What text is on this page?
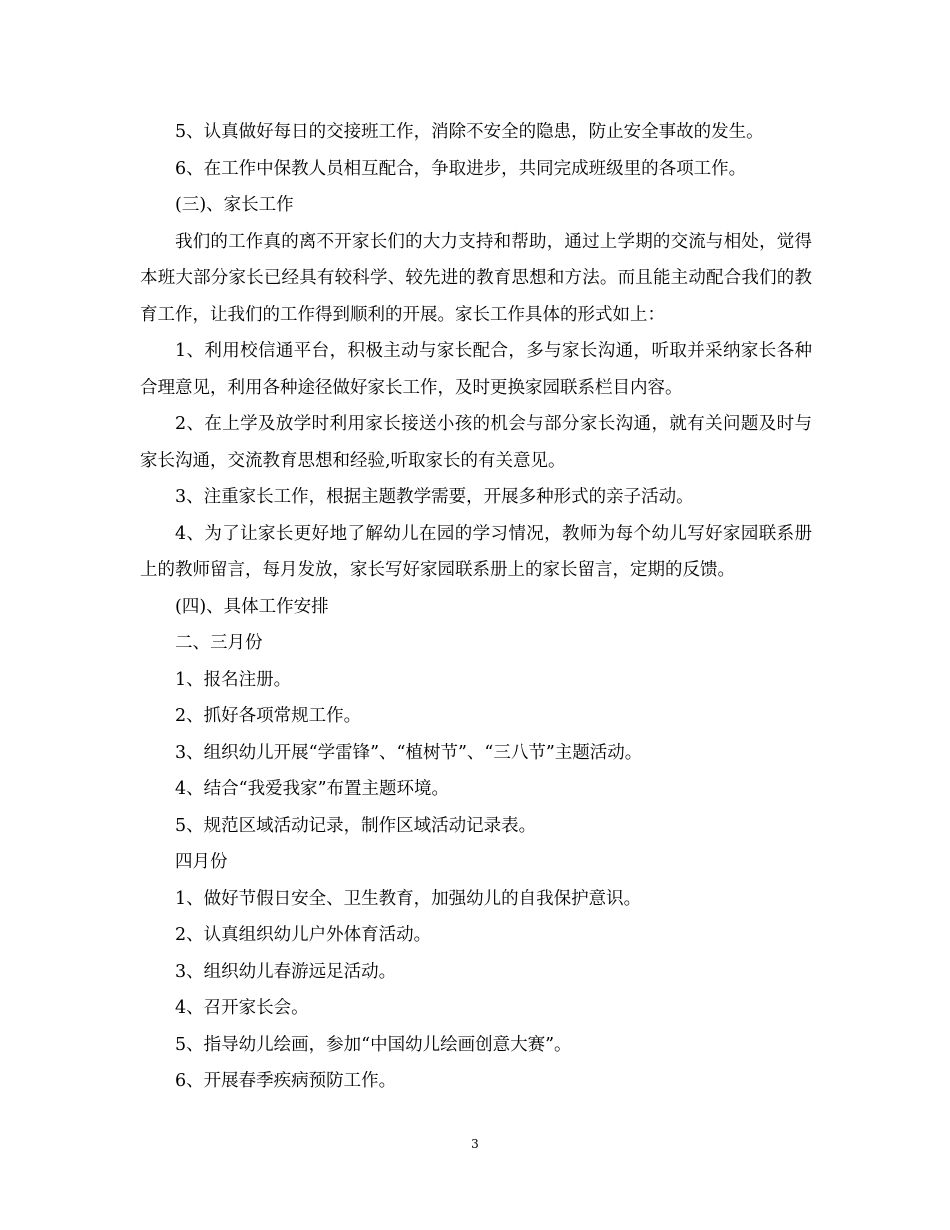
5、认真做好每日的交接班工作，消除不安全的隐患，防止安全事故的发生。

6、在工作中保教人员相互配合，争取进步，共同完成班级里的各项工作。

(三)、家长工作

我们的工作真的离不开家长们的大力支持和帮助，通过上学期的交流与相处，觉得本班大部分家长已经具有较科学、较先进的教育思想和方法。而且能主动配合我们的教育工作，让我们的工作得到顺利的开展。家长工作具体的形式如上：

1、利用校信通平台，积极主动与家长配合，多与家长沟通，听取并采纳家长各种合理意见，利用各种途径做好家长工作，及时更换家园联系栏目内容。

2、在上学及放学时利用家长接送小孩的机会与部分家长沟通，就有关问题及时与家长沟通，交流教育思想和经验,听取家长的有关意见。

3、注重家长工作，根据主题教学需要，开展多种形式的亲子活动。

4、为了让家长更好地了解幼儿在园的学习情况，教师为每个幼儿写好家园联系册上的教师留言，每月发放，家长写好家园联系册上的家长留言，定期的反馈。

(四)、具体工作安排

二、三月份

1、报名注册。

2、抓好各项常规工作。

3、组织幼儿开展“学雷锋”、“植树节”、“三八节”主题活动。

4、结合“我爱我家”布置主题环境。

5、规范区域活动记录，制作区域活动记录表。

四月份

1、做好节假日安全、卫生教育，加强幼儿的自我保护意识。

2、认真组织幼儿户外体育活动。

3、组织幼儿春游远足活动。

4、召开家长会。

5、指导幼儿绘画，参加“中国幼儿绘画创意大赛”。

6、开展春季疾病预防工作。

3
